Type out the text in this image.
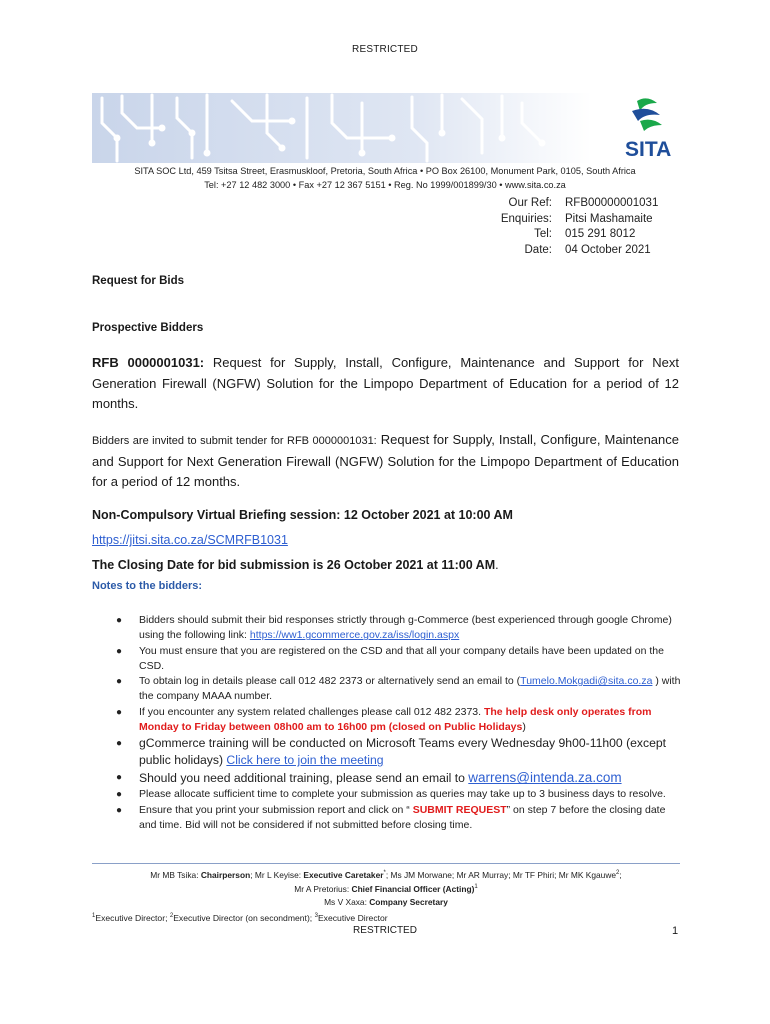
RESTRICTED
SITA
SITA SOC Ltd, 459 Tsitsa Street, Erasmuskloof, Pretoria, South Africa • PO Box 26100, Monument Park, 0105, South Africa
Tel: +27 12 482 3000 • Fax +27 12 367 5151 • Reg. No 1999/001899/30 • www.sita.co.za
Our Ref:	RFB00000001031
Enquiries:	Pitsi Mashamaite
Tel:	015 291 8012
Date:	04 October 2021
Request for Bids
Prospective Bidders
RFB 0000001031: Request for Supply, Install, Configure, Maintenance and Support for Next Generation Firewall (NGFW) Solution for the Limpopo Department of Education for a period of 12 months.
Bidders are invited to submit tender for RFB 0000001031: Request for Supply, Install, Configure, Maintenance and Support for Next Generation Firewall (NGFW) Solution for the Limpopo Department of Education for a period of 12 months.
Non-Compulsory Virtual Briefing session: 12 October 2021 at 10:00 AM
https://jitsi.sita.co.za/SCMRFB1031
The Closing Date for bid submission is 26 October 2021 at 11:00 AM.
Notes to the bidders:
● Bidders should submit their bid responses strictly through g-Commerce (best experienced through google Chrome) using the following link: https://ww1.gcommerce.gov.za/iss/login.aspx
● You must ensure that you are registered on the CSD and that all your company details have been updated on the CSD.
● To obtain log in details please call 012 482 2373 or alternatively send an email to (Tumelo.Mokgadi@sita.co.za ) with the company MAAA number.
● If you encounter any system related challenges please call 012 482 2373. The help desk only operates from Monday to Friday between 08h00 am to 16h00 pm (closed on Public Holidays)
● gCommerce training will be conducted on Microsoft Teams every Wednesday 9h00-11h00 (except public holidays) Click here to join the meeting
● Should you need additional training, please send an email to warrens@intenda.za.com
● Please allocate sufficient time to complete your submission as queries may take up to 3 business days to resolve.
● Ensure that you print your submission report and click on “ SUBMIT REQUEST” on step 7 before the closing date and time. Bid will not be considered if not submitted before closing time.
Mr MB Tsika: Chairperson; Mr L Keyise: Executive Caretaker*; Ms JM Morwane; Mr AR Murray; Mr TF Phiri; Mr MK Kgauwe$^2$;
Mr A Pretorius: Chief Financial Officer (Acting)$^1$
Ms V Xaxa: Company Secretary
$^1$Executive Director; $^2$Executive Director (on secondment); $^3$Executive Director
RESTRICTED	1
